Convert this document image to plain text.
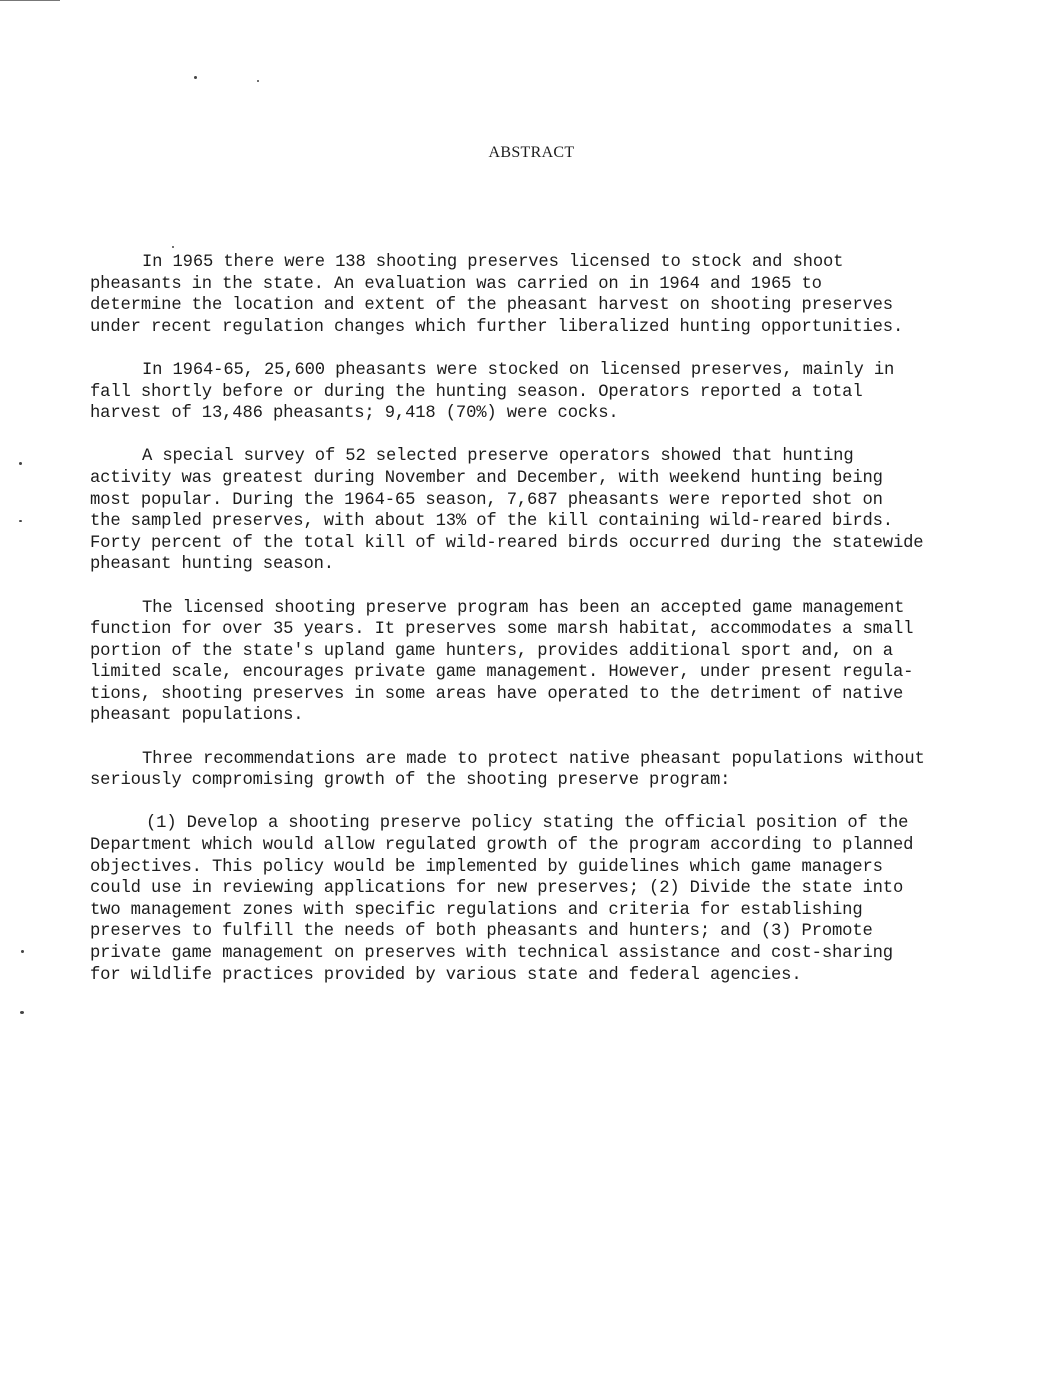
ABSTRACT

In 1965 there were 138 shooting preserves licensed to stock and shoot
pheasants in the state. An evaluation was carried on in 1964 and 1965 to
determine the location and extent of the pheasant harvest on shooting preserves
under recent regulation changes which further liberalized hunting opportunities.

In 1964-65, 25,600 pheasants were stocked on licensed preserves, mainly in
fall shortly before or during the hunting season. Operators reported a total
harvest of 13,486 pheasants; 9,418 (70%) were cocks.

A special survey of 52 selected preserve operators showed that hunting
activity was greatest during November and December, with weekend hunting being
most popular. During the 1964-65 season, 7,687 pheasants were reported shot on
the sampled preserves, with about 13% of the kill containing wild-reared birds.
Forty percent of the total kill of wild-reared birds occurred during the statewide
pheasant hunting season.

The licensed shooting preserve program has been an accepted game management
function for over 35 years. It preserves some marsh habitat, accommodates a small
portion of the state's upland game hunters, provides additional sport and, on a
limited scale, encourages private game management. However, under present regula-
tions, shooting preserves in some areas have operated to the detriment of native
pheasant populations.

Three recommendations are made to protect native pheasant populations without
seriously compromising growth of the shooting preserve program:

(1) Develop a shooting preserve policy stating the official position of the
Department which would allow regulated growth of the program according to planned
objectives. This policy would be implemented by guidelines which game managers
could use in reviewing applications for new preserves; (2) Divide the state into
two management zones with specific regulations and criteria for establishing
preserves to fulfill the needs of both pheasants and hunters; and (3) Promote
private game management on preserves with technical assistance and cost-sharing
for wildlife practices provided by various state and federal agencies.
